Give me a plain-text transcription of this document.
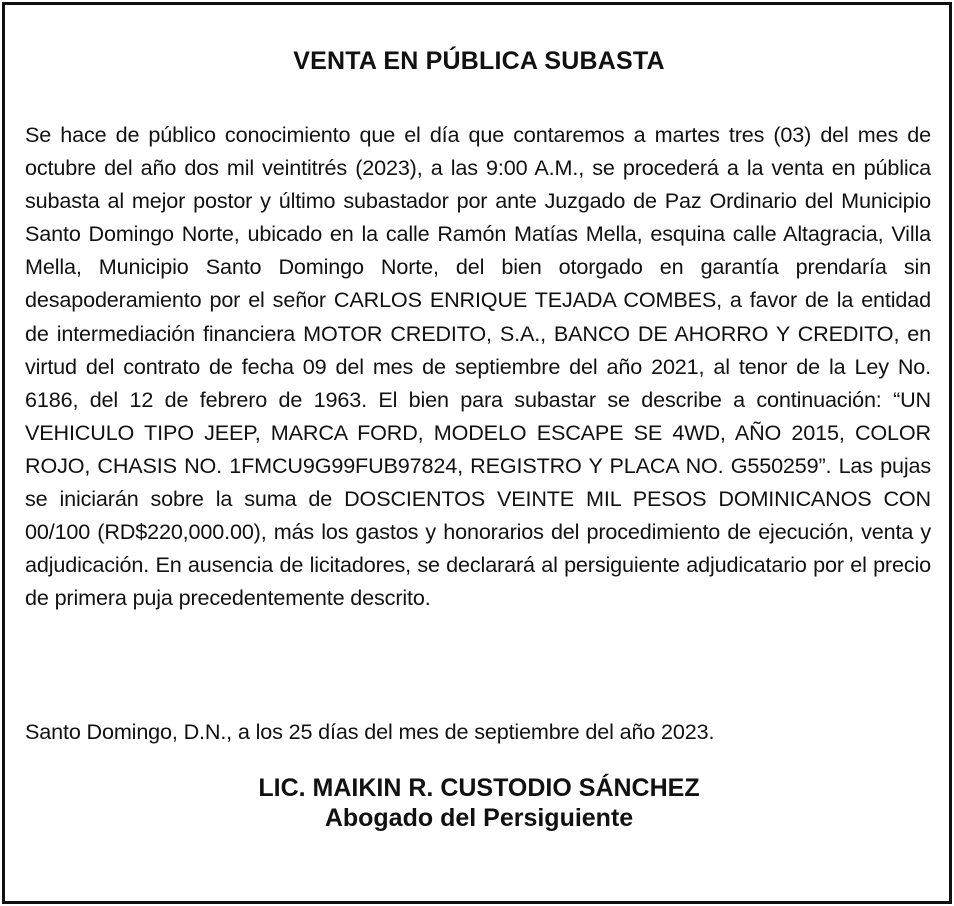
VENTA EN PÚBLICA SUBASTA

Se hace de público conocimiento que el día que contaremos a martes tres (03) del mes de octubre del año dos mil veintitrés (2023), a las 9:00 A.M., se procederá a la venta en pública subasta al mejor postor y último subastador por ante Juzgado de Paz Ordinario del Municipio Santo Domingo Norte, ubicado en la calle Ramón Matías Mella, esquina calle Altagracia, Villa Mella, Municipio Santo Domingo Norte, del bien otorgado en garantía prendaría sin desapoderamiento por el señor CARLOS ENRIQUE TEJADA COMBES, a favor de la entidad de intermediación financiera MOTOR CREDITO, S.A., BANCO DE AHORRO Y CREDITO, en virtud del contrato de fecha 09 del mes de septiembre del año 2021, al tenor de la Ley No. 6186, del 12 de febrero de 1963. El bien para subastar se describe a continuación: “UN VEHICULO TIPO JEEP, MARCA FORD, MODELO ESCAPE SE 4WD, AÑO 2015, COLOR ROJO, CHASIS NO. 1FMCU9G99FUB97824, REGISTRO Y PLACA NO. G550259”. Las pujas se iniciarán sobre la suma de DOSCIENTOS VEINTE MIL PESOS DOMINICANOS CON 00/100 (RD$220,000.00), más los gastos y honorarios del procedimiento de ejecución, venta y adjudicación. En ausencia de licitadores, se declarará al persiguiente adjudicatario por el precio de primera puja precedentemente descrito.

Santo Domingo, D.N., a los 25 días del mes de septiembre del año 2023.

LIC. MAIKIN R. CUSTODIO SÁNCHEZ
Abogado del Persiguiente
